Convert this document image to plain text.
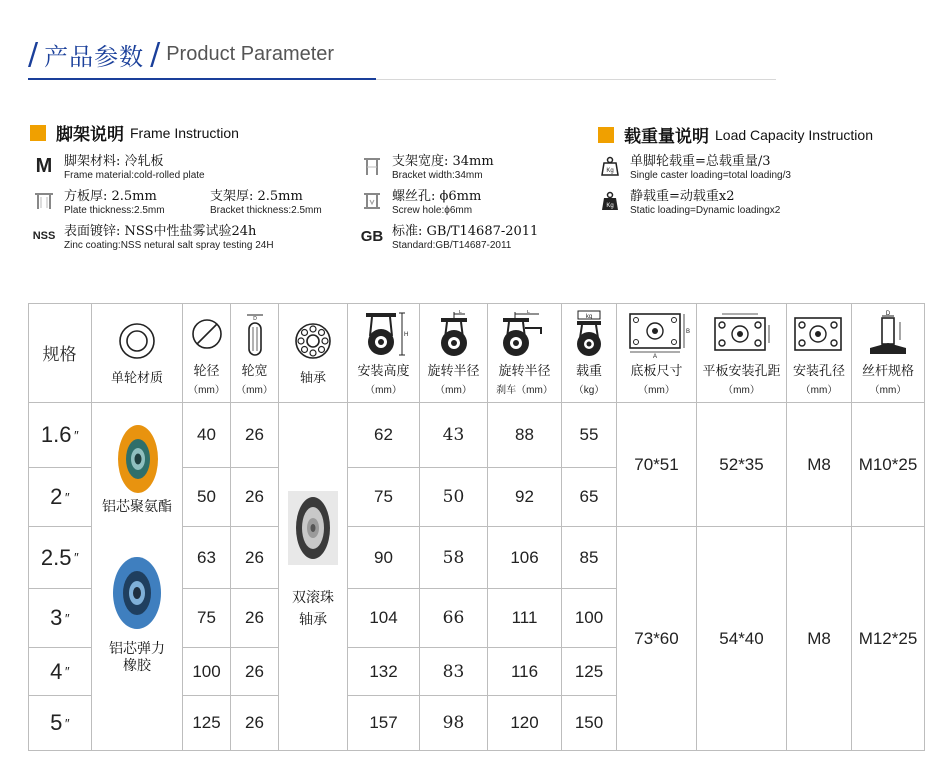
/ 产品参数 / Product Parameter
脚架说明 Frame Instruction
M 脚架材料: 冷轧板
Frame material:cold-rolled plate
方板厚: 2.5mm	支架厚: 2.5mm
Plate thickness:2.5mm	Bracket thickness:2.5mm
NSS 表面镀锌: NSS中性盐雾试验24h
Zinc coating:NSS netural salt spray testing 24H
支架宽度: 34mm
Bracket width:34mm
螺丝孔: ϕ6mm
Screw hole:ϕ6mm
GB 标准: GB/T14687-2011
Standard:GB/T14687-2011
载重量说明 Load Capacity Instruction
Kg
单脚轮载重=总载重量/3
Single caster loading=total loading/3
Kg
静载重=动载重x2
Static loading=Dynamic loadingx2
规格
单轮材质 轮径
（mm）
D
轮宽
（mm）
轴承
H
安装高度
（mm）
L
旋转半径
（mm）
L
旋转半径
刹车（mm）
kg
载重
（kg）
A
B
底板尺寸
（mm）
平板安装孔距
（mm）
安装孔径
（mm）
D
丝杆规格
（mm）
1.6 ″
2 ″
2.5 ″
3 ″
4 ″
5 ″
铝芯聚氨酯
铝芯弹力
橡胶
40
50
63
75
100
125
26
26
26
26
26
26
双滚珠
轴承
62
75
90
104
132
157
43
50
58
66
83
98
88
92
106
111
116
120
55
65
85
100
125
150
70*51
73*60
52*35
54*40
M8
M8
M10*25
M12*25
